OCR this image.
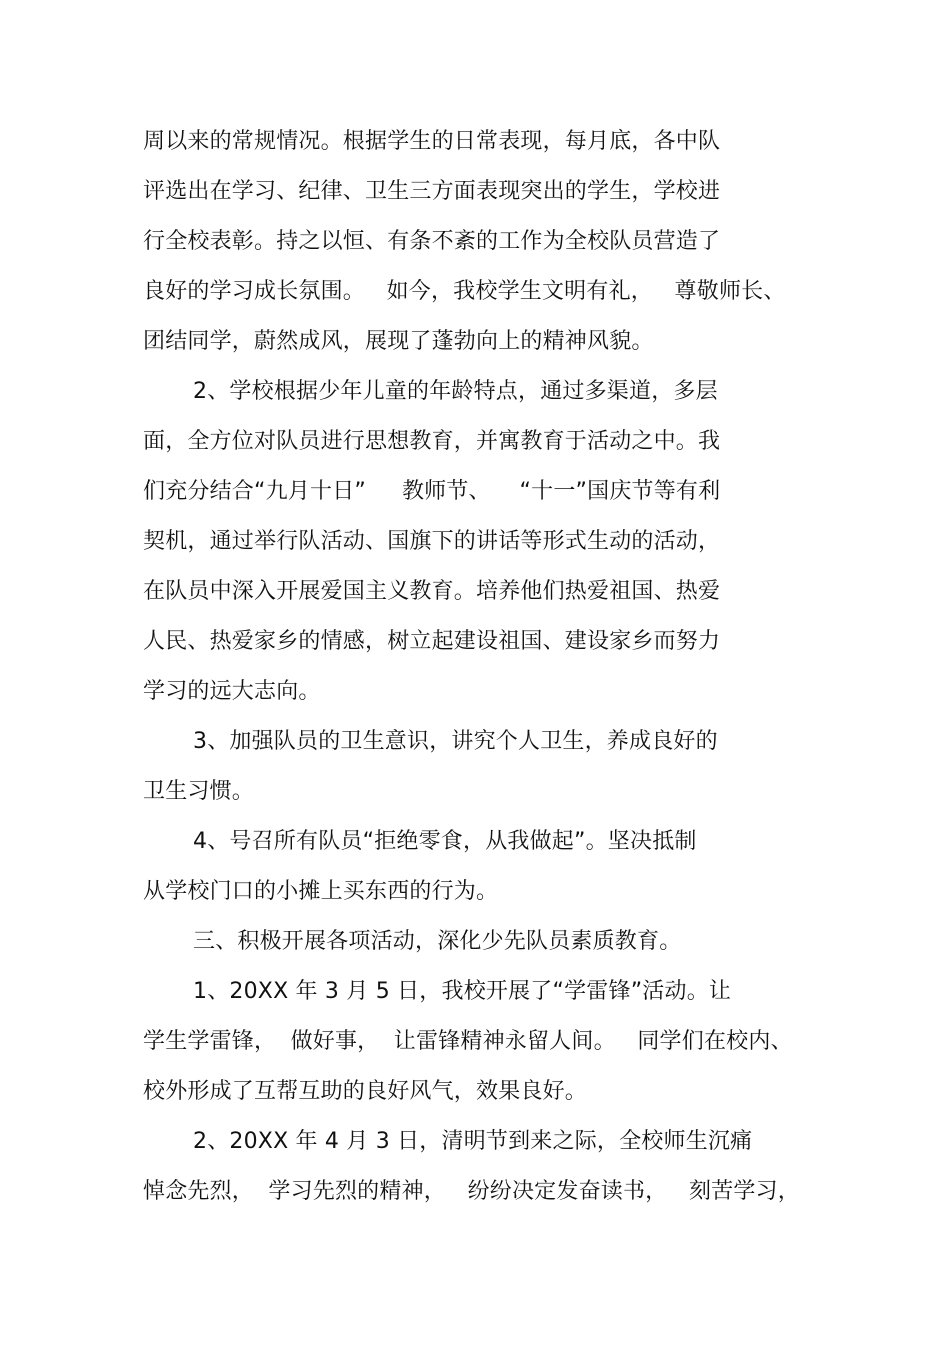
周以来的常规情况。根据学生的日常表现，每月底，各中队
评选出在学习、纪律、卫生三方面表现突出的学生，学校进
行全校表彰。持之以恒、有条不紊的工作为全校队员营造了
良好的学习成长氛围。   如今，我校学生文明有礼，   尊敬师长、
团结同学，蔚然成风，展现了蓬勃向上的精神风貌。
2、学校根据少年儿童的年龄特点，通过多渠道，多层
面，全方位对队员进行思想教育，并寓教育于活动之中。我
们充分结合“九月十日”     教师节、    “十一”国庆节等有利
契机，通过举行队活动、国旗下的讲话等形式生动的活动，
在队员中深入开展爱国主义教育。培养他们热爱祖国、热爱
人民、热爱家乡的情感，树立起建设祖国、建设家乡而努力
学习的远大志向。
3、加强队员的卫生意识，讲究个人卫生，养成良好的
卫生习惯。
4、号召所有队员“拒绝零食，从我做起”。坚决抵制
从学校门口的小摊上买东西的行为。
三、积极开展各项活动，深化少先队员素质教育。
1、20XX 年 3 月 5 日，我校开展了“学雷锋”活动。让
学生学雷锋，  做好事，  让雷锋精神永留人间。   同学们在校内、
校外形成了互帮互助的良好风气，效果良好。
2、20XX 年 4 月 3 日，清明节到来之际，全校师生沉痛
悼念先烈，  学习先烈的精神，   纷纷决定发奋读书，   刻苦学习，
